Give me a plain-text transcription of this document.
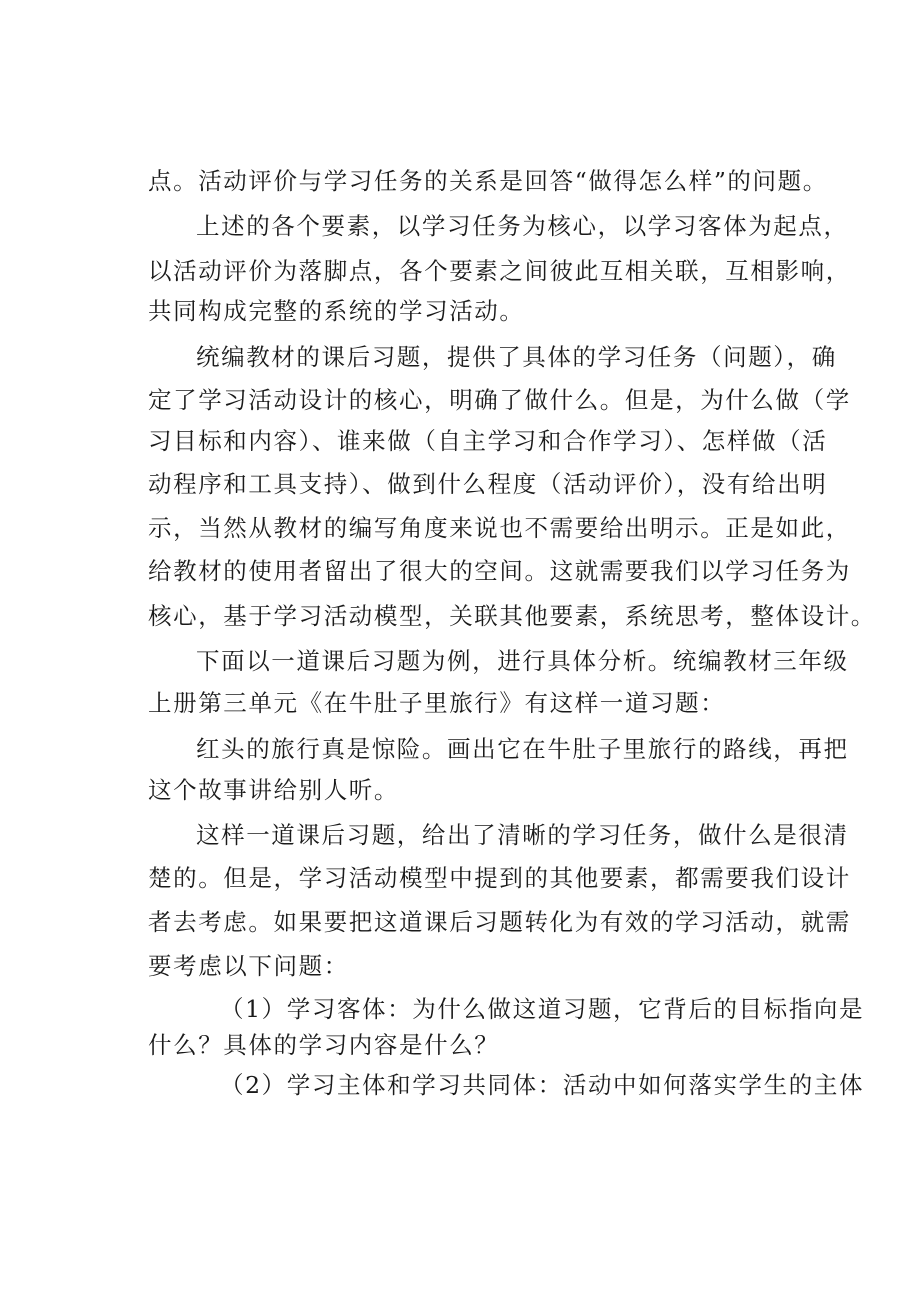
点。活动评价与学习任务的关系是回答“做得怎么样”的问题。
上述的各个要素，以学习任务为核心，以学习客体为起点，
以活动评价为落脚点，各个要素之间彼此互相关联，互相影响，
共同构成完整的系统的学习活动。
统编教材的课后习题，提供了具体的学习任务（问题），确
定了学习活动设计的核心，明确了做什么。但是，为什么做（学
习目标和内容）、谁来做（自主学习和合作学习）、怎样做（活
动程序和工具支持）、做到什么程度（活动评价），没有给出明
示，当然从教材的编写角度来说也不需要给出明示。正是如此，
给教材的使用者留出了很大的空间。这就需要我们以学习任务为
核心，基于学习活动模型，关联其他要素，系统思考，整体设计。
下面以一道课后习题为例，进行具体分析。统编教材三年级
上册第三单元《在牛肚子里旅行》有这样一道习题：
红头的旅行真是惊险。画出它在牛肚子里旅行的路线，再把
这个故事讲给别人听。
这样一道课后习题，给出了清晰的学习任务，做什么是很清
楚的。但是，学习活动模型中提到的其他要素，都需要我们设计
者去考虑。如果要把这道课后习题转化为有效的学习活动，就需
要考虑以下问题：
（1）学习客体：为什么做这道习题，它背后的目标指向是
什么？具体的学习内容是什么？
（2）学习主体和学习共同体：活动中如何落实学生的主体
